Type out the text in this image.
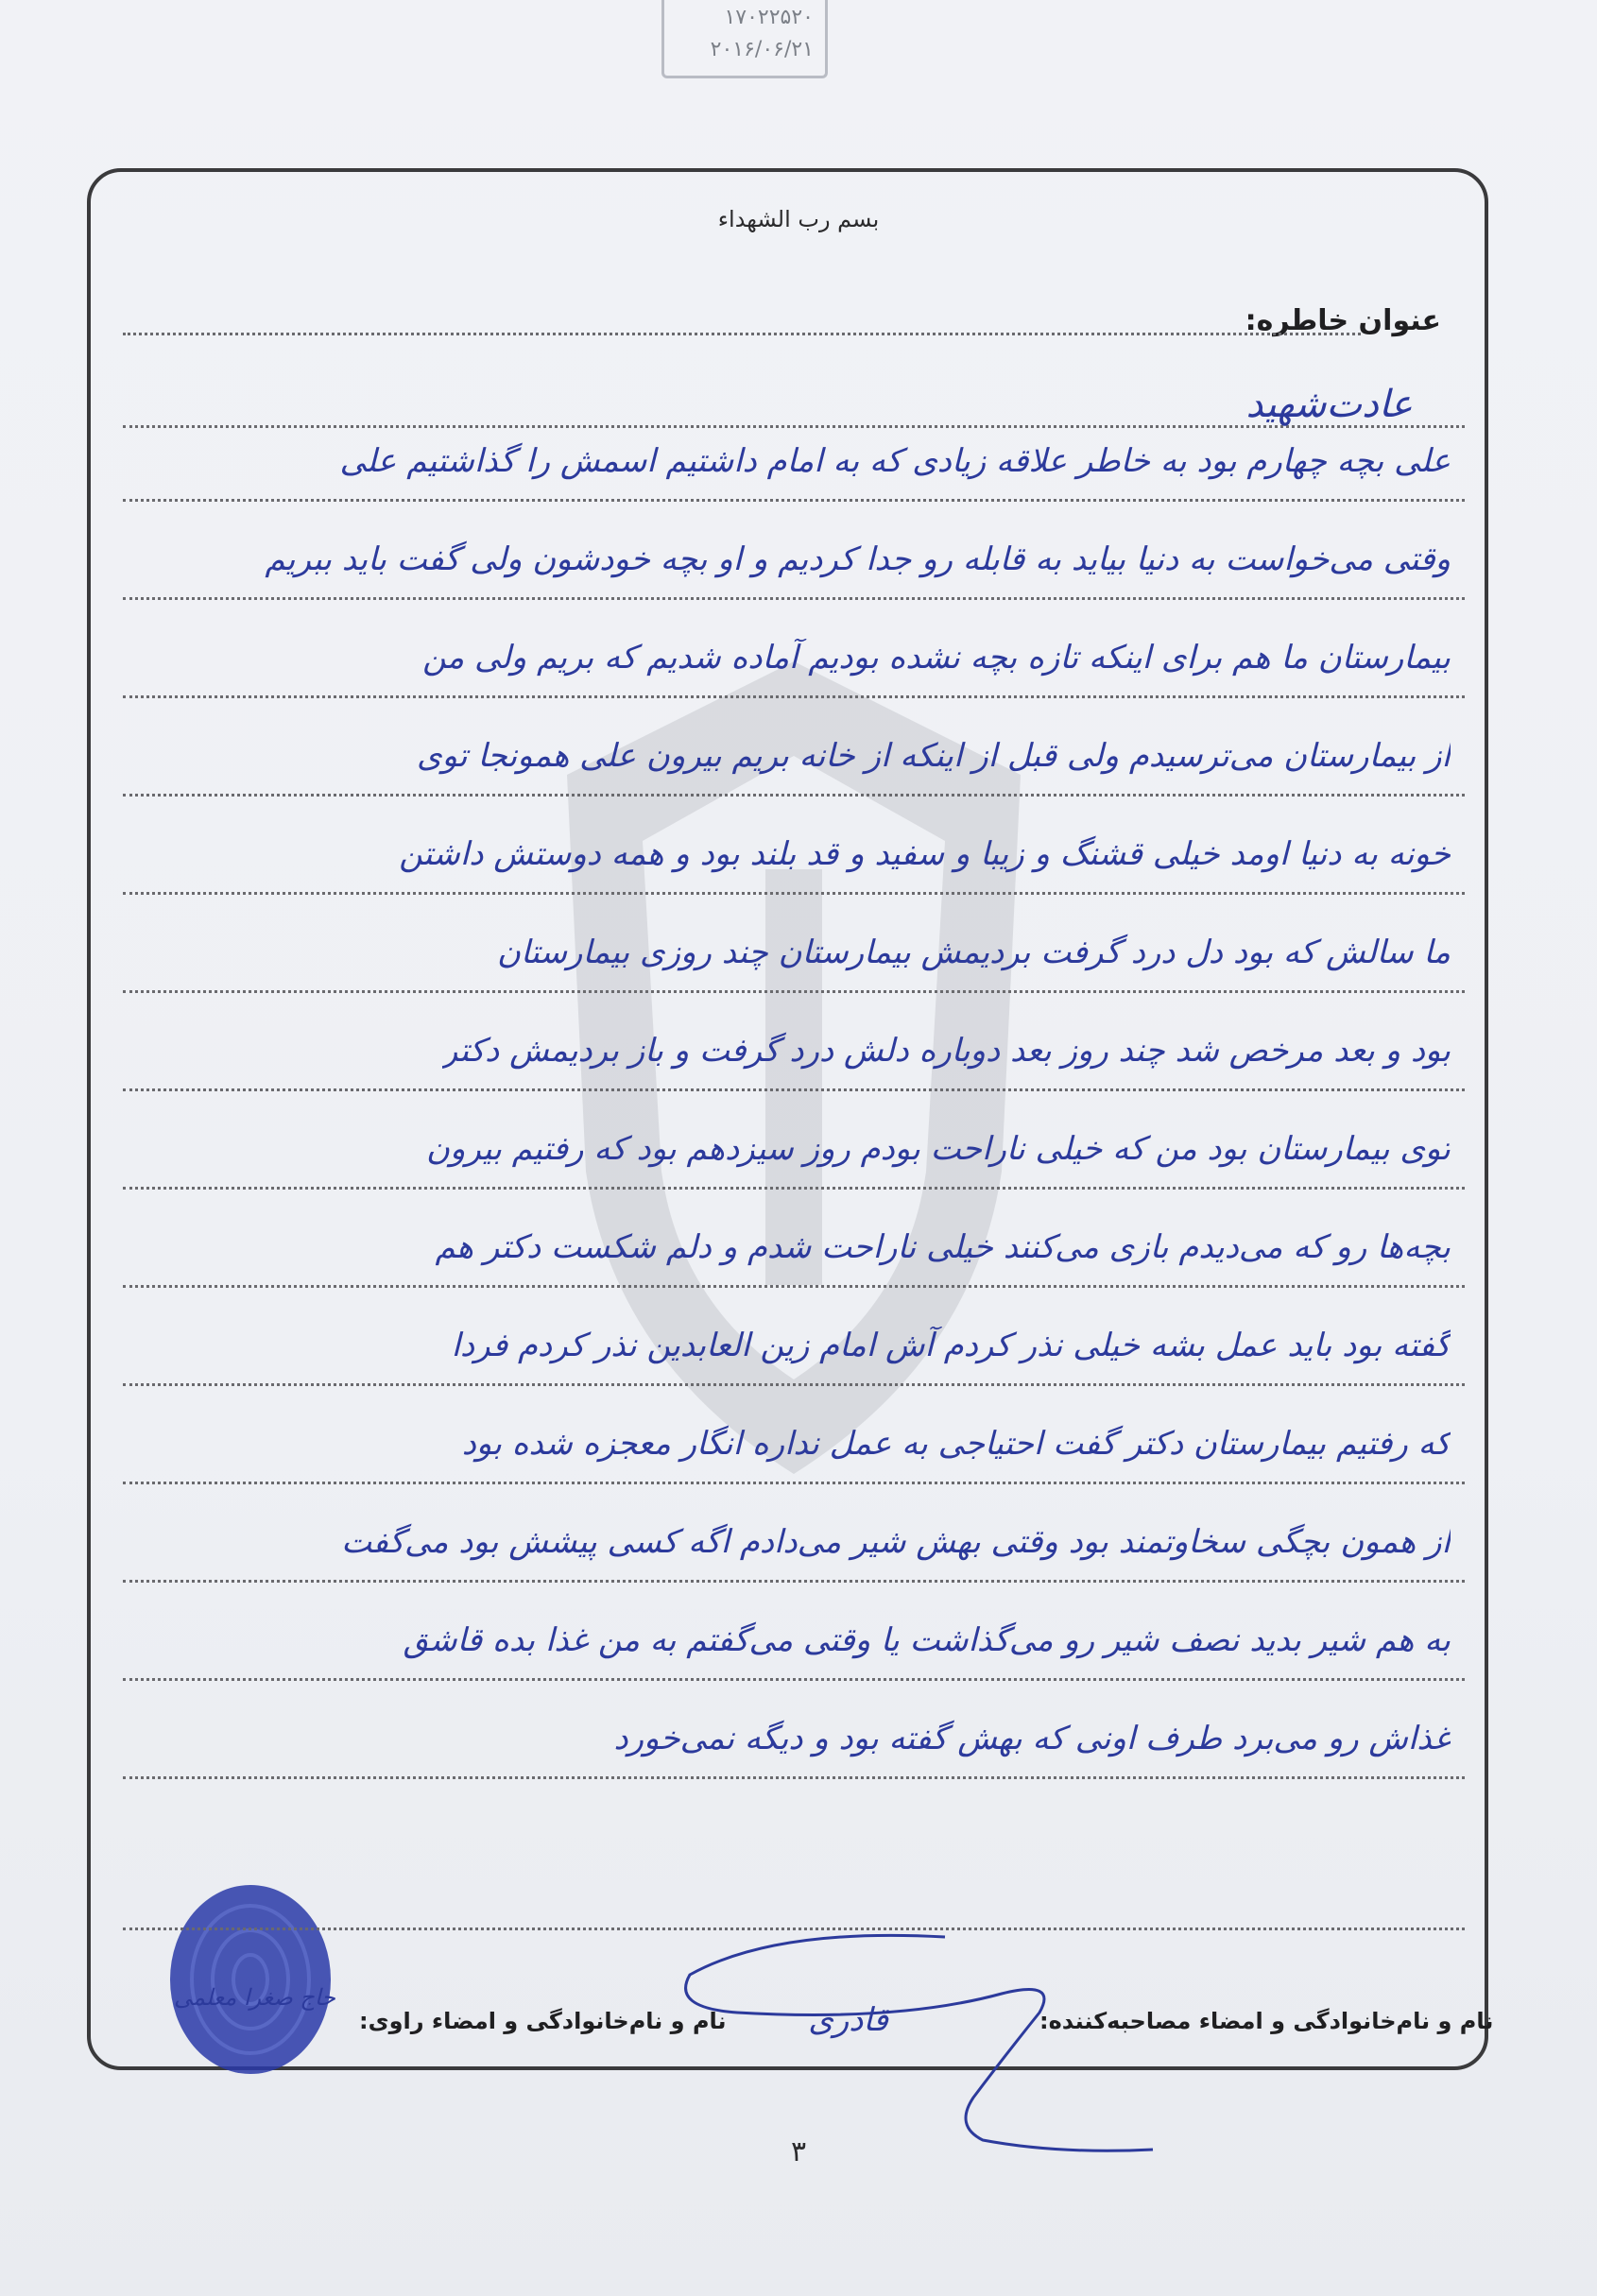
۱۷۰۲۲۵۲۰
۲۰۱۶/۰۶/۲۱
بسم رب الشهداء
عنوان خاطره:
عادت‌شهید
علی بچه چهارم بود به خاطر علاقه زیادی که به امام داشتیم اسمش را گذاشتیم علی
وقتی می‌خواست به دنیا بیاید به قابله رو جدا کردیم و او بچه خودشون ولی گفت باید ببریم
بیمارستان ما هم برای اینکه تازه بچه نشده بودیم آماده شدیم که بریم ولی من
از بیمارستان می‌ترسیدم ولی قبل از اینکه از خانه بریم بیرون علی همونجا توی
خونه به دنیا اومد خیلی قشنگ و زیبا و سفید و قد بلند بود و همه دوستش داشتن
ما سالش که بود دل درد گرفت بردیمش بیمارستان چند روزی بیمارستان
بود و بعد مرخص شد چند روز بعد دوباره دلش درد گرفت و باز بردیمش دکتر
توی بیمارستان بود من که خیلی ناراحت بودم روز سیزدهم بود که رفتیم بیرون
بچه‌ها رو که می‌دیدم بازی می‌کنند خیلی ناراحت شدم و دلم شکست دکتر هم
گفته بود باید عمل بشه خیلی نذر کردم آش امام زین العابدین نذر کردم فردا
که رفتیم بیمارستان دکتر گفت احتیاجی به عمل نداره انگار معجزه شده بود
از همون بچگی سخاوتمند بود وقتی بهش شیر می‌دادم اگه کسی پیشش بود می‌گفت
به هم شیر بدید نصف شیر رو می‌گذاشت یا وقتی می‌گفتم به من غذا بده قاشق
غذاش رو می‌برد طرف اونی که بهش گفته بود و دیگه نمی‌خورد
نام و نام‌خانوادگی و امضاء مصاحبه‌کننده:
قادری
نام و نام‌خانوادگی و امضاء راوی:
حاج صغرا معلمی
۳
